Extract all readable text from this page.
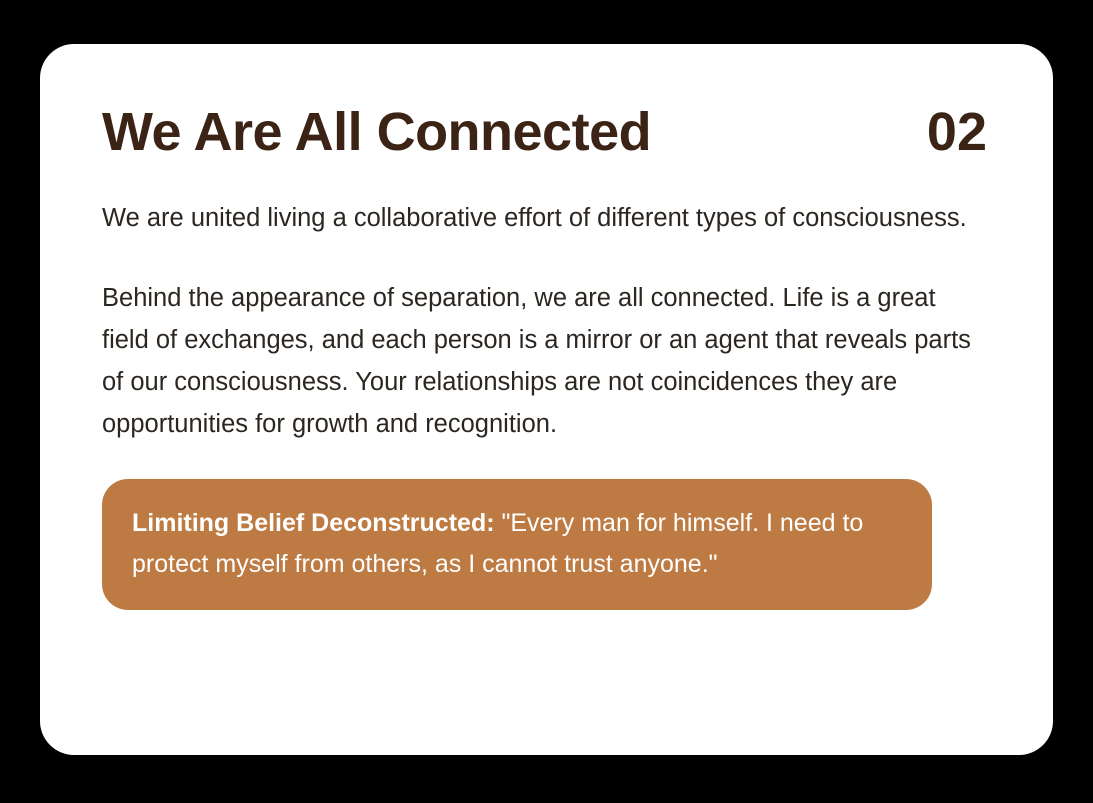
We Are All Connected	02

We are united living a collaborative effort of different types of consciousness.

Behind the appearance of separation, we are all connected. Life is a great field of exchanges, and each person is a mirror or an agent that reveals parts of our consciousness. Your relationships are not coincidences they are opportunities for growth and recognition.

Limiting Belief Deconstructed: "Every man for himself. I need to protect myself from others, as I cannot trust anyone."
